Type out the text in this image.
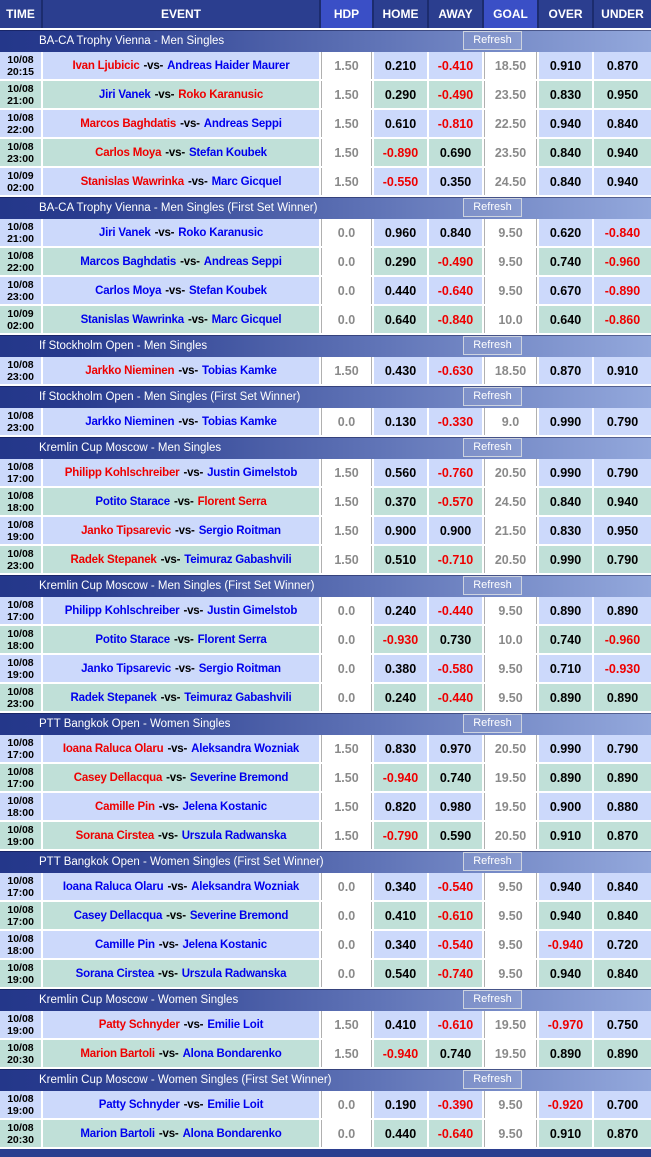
TIME	EVENT	HDP	HOME	AWAY	GOAL	OVER	UNDER
BA-CA Trophy Vienna - Men Singles	Refresh
10/08
20:15	Ivan Ljubicic -vs- Andreas Haider Maurer	1.50	0.210	-0.410	18.50	0.910	0.870
10/08
21:00	Jiri Vanek -vs- Roko Karanusic	1.50	0.290	-0.490	23.50	0.830	0.950
10/08
22:00	Marcos Baghdatis -vs- Andreas Seppi	1.50	0.610	-0.810	22.50	0.940	0.840
10/08
23:00	Carlos Moya -vs- Stefan Koubek	1.50	-0.890	0.690	23.50	0.840	0.940
10/09
02:00	Stanislas Wawrinka -vs- Marc Gicquel	1.50	-0.550	0.350	24.50	0.840	0.940
BA-CA Trophy Vienna - Men Singles (First Set Winner)	Refresh
10/08
21:00	Jiri Vanek -vs- Roko Karanusic	0.0	0.960	0.840	9.50	0.620	-0.840
10/08
22:00	Marcos Baghdatis -vs- Andreas Seppi	0.0	0.290	-0.490	9.50	0.740	-0.960
10/08
23:00	Carlos Moya -vs- Stefan Koubek	0.0	0.440	-0.640	9.50	0.670	-0.890
10/09
02:00	Stanislas Wawrinka -vs- Marc Gicquel	0.0	0.640	-0.840	10.0	0.640	-0.860
If Stockholm Open - Men Singles	Refresh
10/08
23:00	Jarkko Nieminen -vs- Tobias Kamke	1.50	0.430	-0.630	18.50	0.870	0.910
If Stockholm Open - Men Singles (First Set Winner)	Refresh
10/08
23:00	Jarkko Nieminen -vs- Tobias Kamke	0.0	0.130	-0.330	9.0	0.990	0.790
Kremlin Cup Moscow - Men Singles	Refresh
10/08
17:00	Philipp Kohlschreiber -vs- Justin Gimelstob	1.50	0.560	-0.760	20.50	0.990	0.790
10/08
18:00	Potito Starace -vs- Florent Serra	1.50	0.370	-0.570	24.50	0.840	0.940
10/08
19:00	Janko Tipsarevic -vs- Sergio Roitman	1.50	0.900	0.900	21.50	0.830	0.950
10/08
23:00	Radek Stepanek -vs- Teimuraz Gabashvili	1.50	0.510	-0.710	20.50	0.990	0.790
Kremlin Cup Moscow - Men Singles (First Set Winner)	Refresh
10/08
17:00	Philipp Kohlschreiber -vs- Justin Gimelstob	0.0	0.240	-0.440	9.50	0.890	0.890
10/08
18:00	Potito Starace -vs- Florent Serra	0.0	-0.930	0.730	10.0	0.740	-0.960
10/08
19:00	Janko Tipsarevic -vs- Sergio Roitman	0.0	0.380	-0.580	9.50	0.710	-0.930
10/08
23:00	Radek Stepanek -vs- Teimuraz Gabashvili	0.0	0.240	-0.440	9.50	0.890	0.890
PTT Bangkok Open - Women Singles	Refresh
10/08
17:00	Ioana Raluca Olaru -vs- Aleksandra Wozniak	1.50	0.830	0.970	20.50	0.990	0.790
10/08
17:00	Casey Dellacqua -vs- Severine Bremond	1.50	-0.940	0.740	19.50	0.890	0.890
10/08
18:00	Camille Pin -vs- Jelena Kostanic	1.50	0.820	0.980	19.50	0.900	0.880
10/08
19:00	Sorana Cirstea -vs- Urszula Radwanska	1.50	-0.790	0.590	20.50	0.910	0.870
PTT Bangkok Open - Women Singles (First Set Winner)	Refresh
10/08
17:00	Ioana Raluca Olaru -vs- Aleksandra Wozniak	0.0	0.340	-0.540	9.50	0.940	0.840
10/08
17:00	Casey Dellacqua -vs- Severine Bremond	0.0	0.410	-0.610	9.50	0.940	0.840
10/08
18:00	Camille Pin -vs- Jelena Kostanic	0.0	0.340	-0.540	9.50	-0.940	0.720
10/08
19:00	Sorana Cirstea -vs- Urszula Radwanska	0.0	0.540	-0.740	9.50	0.940	0.840
Kremlin Cup Moscow - Women Singles	Refresh
10/08
19:00	Patty Schnyder -vs- Emilie Loit	1.50	0.410	-0.610	19.50	-0.970	0.750
10/08
20:30	Marion Bartoli -vs- Alona Bondarenko	1.50	-0.940	0.740	19.50	0.890	0.890
Kremlin Cup Moscow - Women Singles (First Set Winner)	Refresh
10/08
19:00	Patty Schnyder -vs- Emilie Loit	0.0	0.190	-0.390	9.50	-0.920	0.700
10/08
20:30	Marion Bartoli -vs- Alona Bondarenko	0.0	0.440	-0.640	9.50	0.910	0.870
